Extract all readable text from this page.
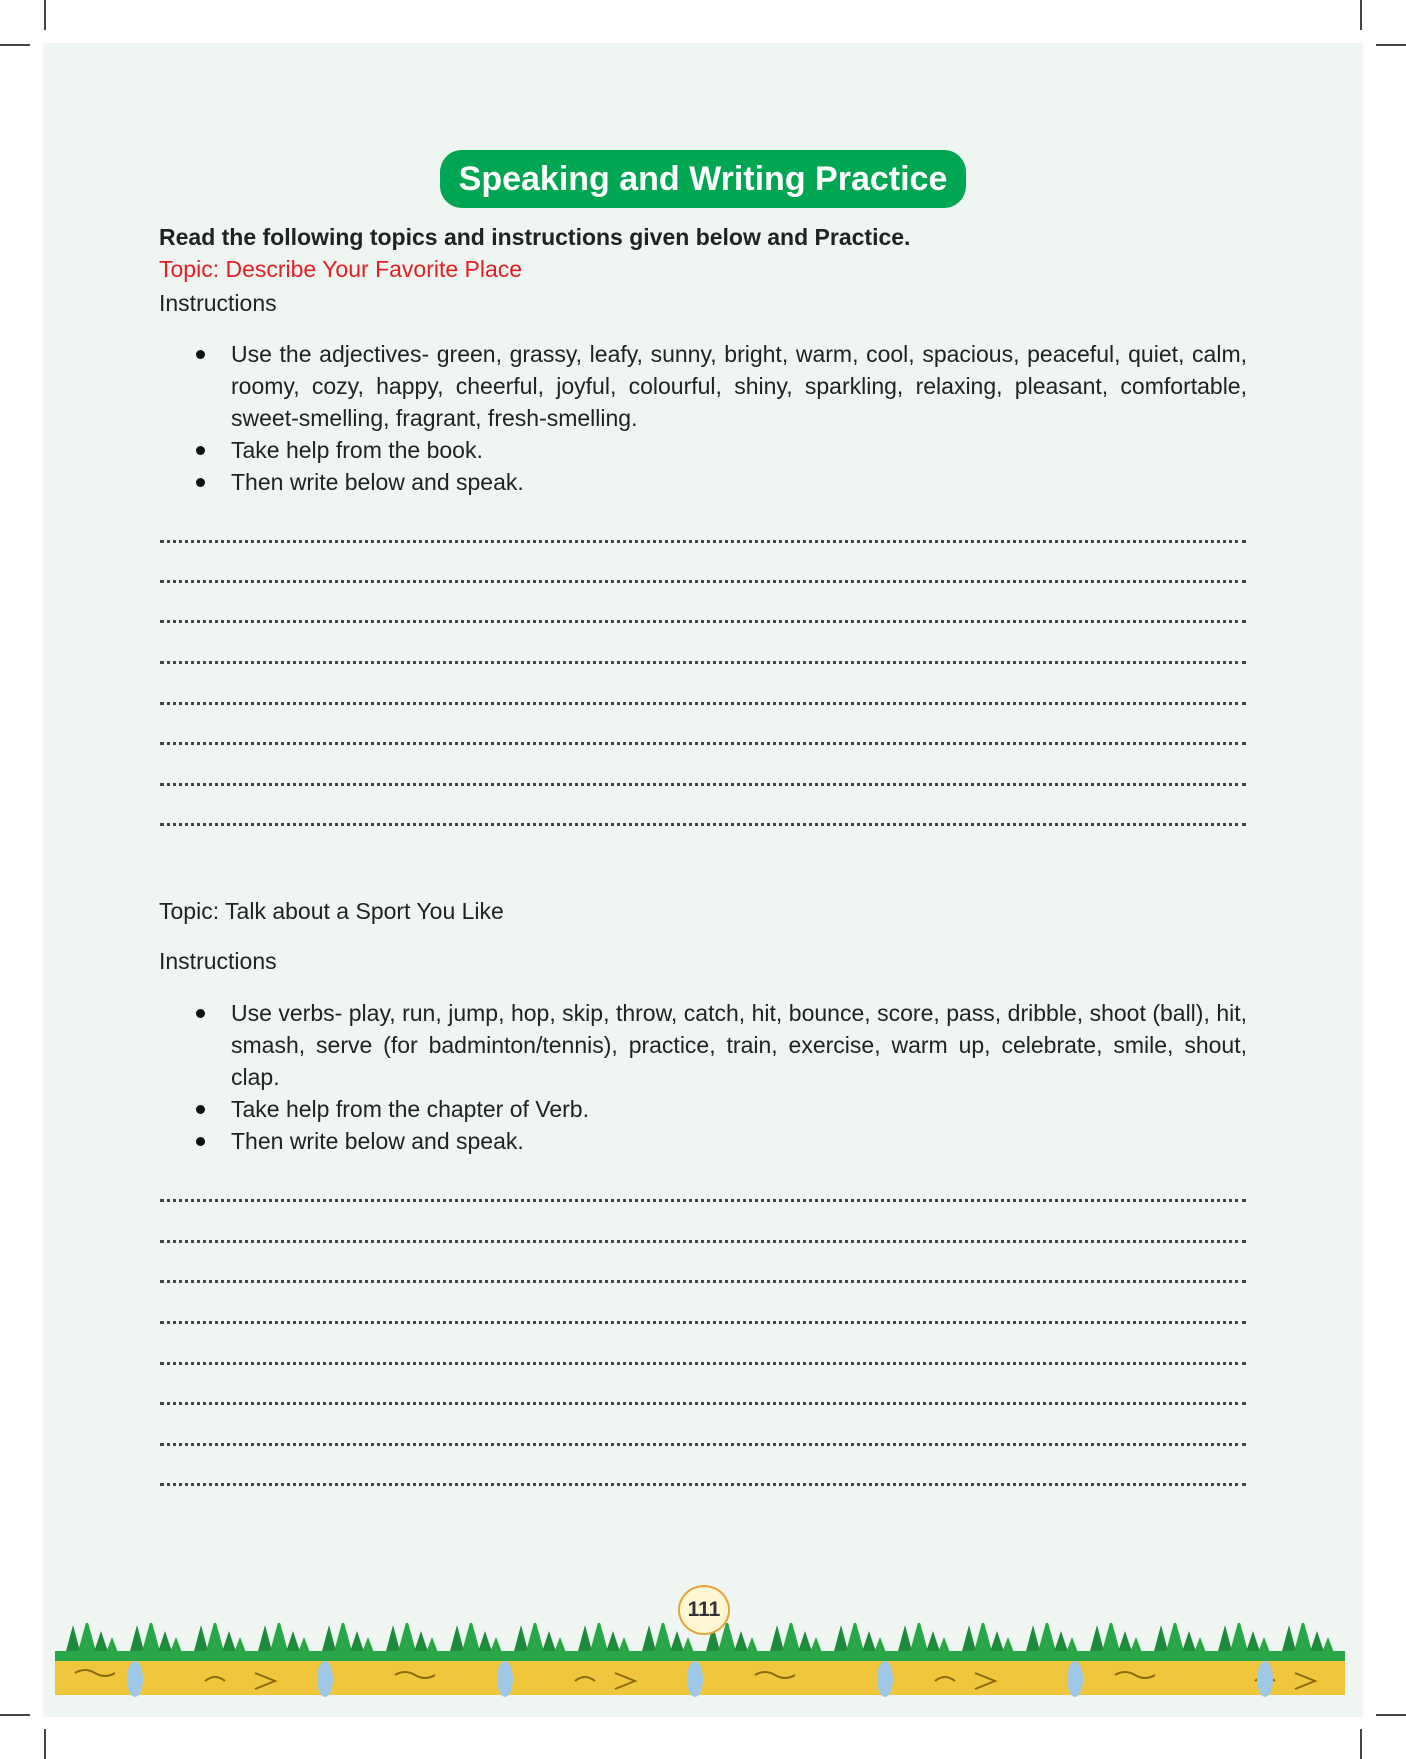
Speaking and Writing Practice
Read the following topics and instructions given below and Practice.
Topic: Describe Your Favorite Place
Instructions
Use the adjectives- green, grassy, leafy, sunny, bright, warm, cool, spacious, peaceful, quiet, calm, roomy, cozy, happy, cheerful, joyful, colourful, shiny, sparkling, relaxing, pleasant, comfortable, sweet-smelling, fragrant, fresh-smelling.
Take help from the book.
Then write below and speak.
Topic: Talk about a Sport You Like
Instructions
Use verbs- play, run, jump, hop, skip, throw, catch, hit, bounce, score, pass, dribble, shoot (ball), hit, smash, serve (for badminton/tennis), practice, train, exercise, warm up, celebrate, smile, shout, clap.
Take help from the chapter of Verb.
Then write below and speak.
111
